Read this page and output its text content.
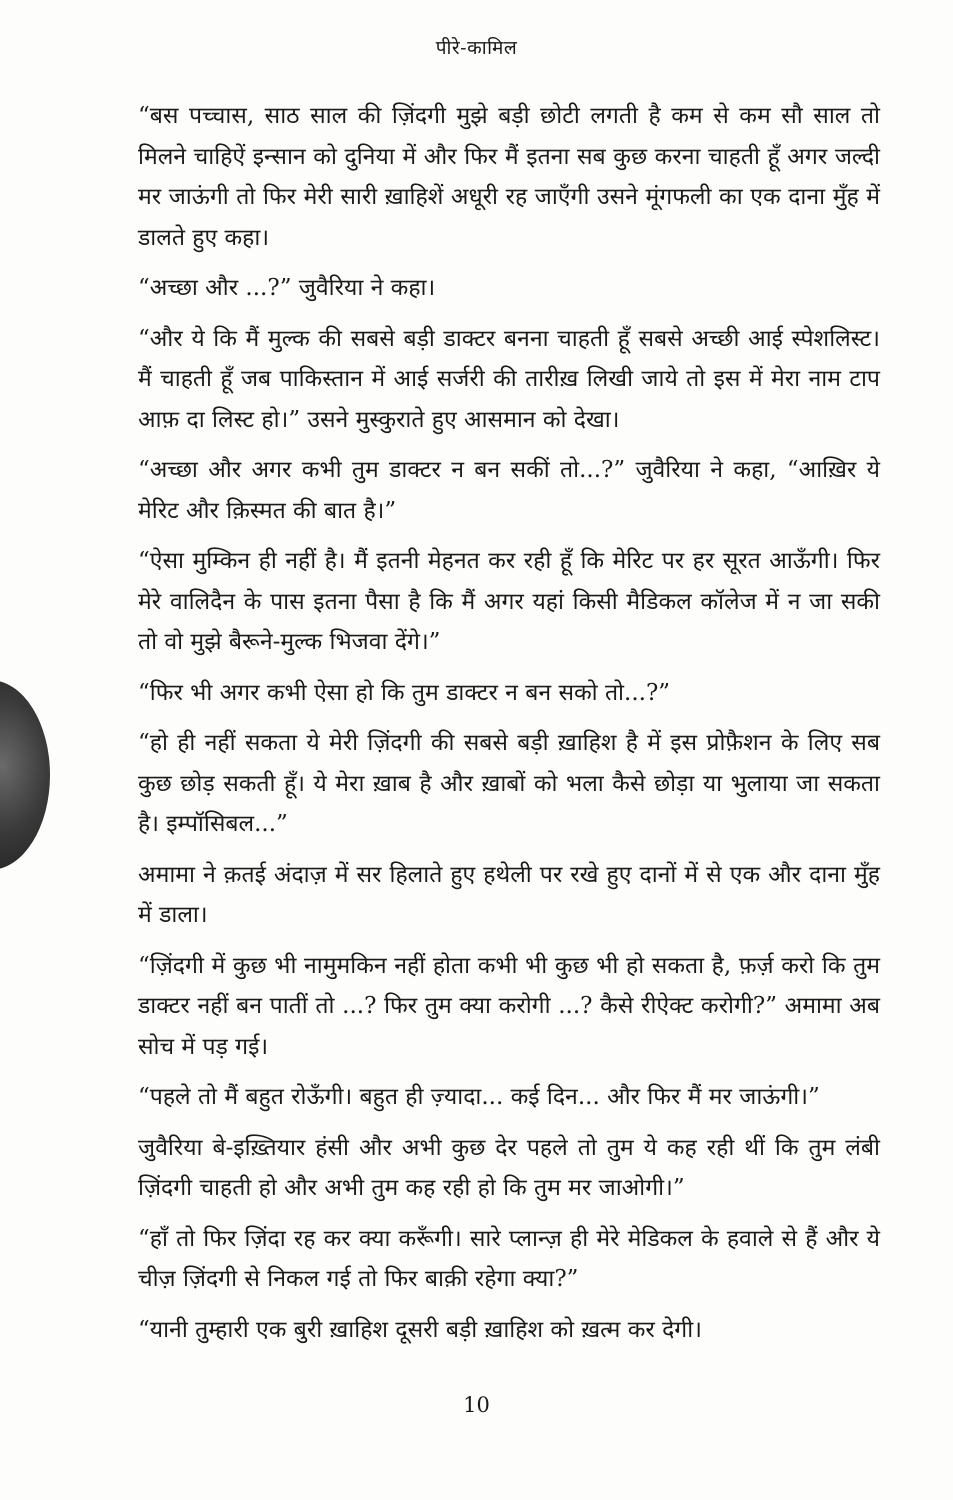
पीरे-कामिल

“बस पच्चास, साठ साल की ज़िंदगी मुझे बड़ी छोटी लगती है कम से कम सौ साल तो मिलने चाहिऐं इन्सान को दुनिया में और फिर मैं इतना सब कुछ करना चाहती हूँ अगर जल्दी मर जाऊंगी तो फिर मेरी सारी ख़ाहिशें अधूरी रह जाएँगी उसने मूंगफली का एक दाना मुँह में डालते हुए कहा।

“अच्छा और ...?” जुवैरिया ने कहा।

“और ये कि मैं मुल्क की सबसे बड़ी डाक्टर बनना चाहती हूँ सबसे अच्छी आई स्पेशलिस्ट। मैं चाहती हूँ जब पाकिस्तान में आई सर्जरी की तारीख़ लिखी जाये तो इस में मेरा नाम टाप आफ़ दा लिस्ट हो।” उसने मुस्कुराते हुए आसमान को देखा।

“अच्छा और अगर कभी तुम डाक्टर न बन सकीं तो...?” जुवैरिया ने कहा, “आख़िर ये मेरिट और क़िस्मत की बात है।”

“ऐसा मुम्किन ही नहीं है। मैं इतनी मेहनत कर रही हूँ कि मेरिट पर हर सूरत आऊँगी। फिर मेरे वालिदैन के पास इतना पैसा है कि मैं अगर यहां किसी मैडिकल कॉलेज में न जा सकी तो वो मुझे बैरूने-मुल्क भिजवा देंगे।”

“फिर भी अगर कभी ऐसा हो कि तुम डाक्टर न बन सको तो...?”

“हो ही नहीं सकता ये मेरी ज़िंदगी की सबसे बड़ी ख़ाहिश है में इस प्रोफ़ैशन के लिए सब कुछ छोड़ सकती हूँ। ये मेरा ख़ाब है और ख़ाबों को भला कैसे छोड़ा या भुलाया जा सकता है। इम्पॉसिबल...”

अमामा ने क़तई अंदाज़ में सर हिलाते हुए हथेली पर रखे हुए दानों में से एक और दाना मुँह में डाला।

“ज़िंदगी में कुछ भी नामुमकिन नहीं होता कभी भी कुछ भी हो सकता है, फ़र्ज़ करो कि तुम डाक्टर नहीं बन पातीं तो ...? फिर तुम क्या करोगी ...? कैसे रीऐक्ट करोगी?” अमामा अब सोच में पड़ गई।

“पहले तो मैं बहुत रोऊँगी। बहुत ही ज़्यादा... कई दिन... और फिर मैं मर जाऊंगी।”

जुवैरिया बे-इख़्तियार हंसी और अभी कुछ देर पहले तो तुम ये कह रही थीं कि तुम लंबी ज़िंदगी चाहती हो और अभी तुम कह रही हो कि तुम मर जाओगी।”

“हाँ तो फिर ज़िंदा रह कर क्या करूँगी। सारे प्लान्ज़ ही मेरे मेडिकल के हवाले से हैं और ये चीज़ ज़िंदगी से निकल गई तो फिर बाक़ी रहेगा क्या?”

“यानी तुम्हारी एक बुरी ख़ाहिश दूसरी बड़ी ख़ाहिश को ख़त्म कर देगी।

10
